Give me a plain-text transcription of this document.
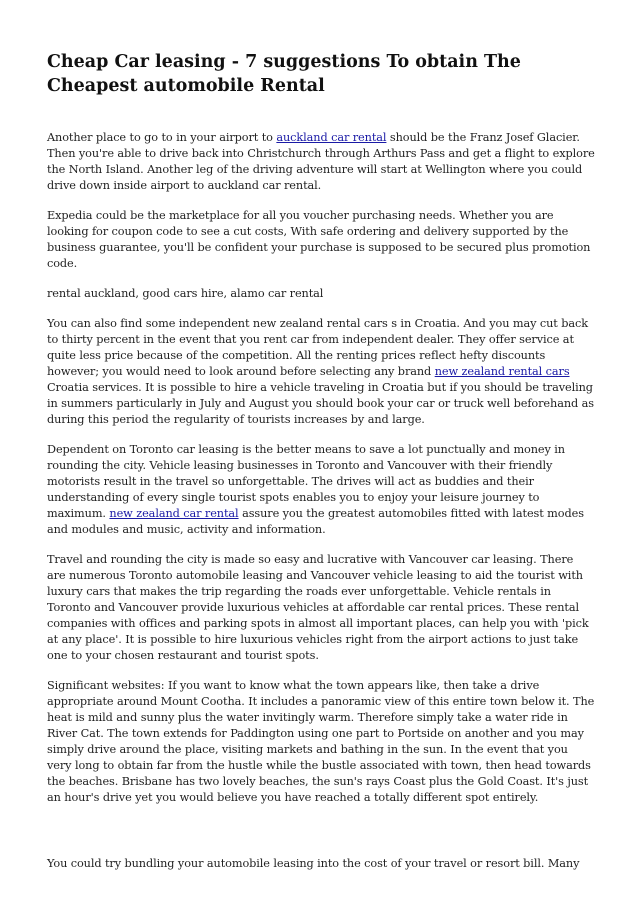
Cheap Car leasing - 7 suggestions To obtain The Cheapest automobile Rental

Another place to go to in your airport to auckland car rental should be the Franz Josef Glacier. Then you're able to drive back into Christchurch through Arthurs Pass and get a flight to explore the North Island. Another leg of the driving adventure will start at Wellington where you could drive down inside airport to auckland car rental.

Expedia could be the marketplace for all you voucher purchasing needs. Whether you are looking for coupon code to see a cut costs, With safe ordering and delivery supported by the business guarantee, you'll be confident your purchase is supposed to be secured plus promotion code.

rental auckland, good cars hire, alamo car rental

You can also find some independent new zealand rental cars s in Croatia. And you may cut back to thirty percent in the event that you rent car from independent dealer. They offer service at quite less price because of the competition. All the renting prices reflect hefty discounts however; you would need to look around before selecting any brand new zealand rental cars Croatia services. It is possible to hire a vehicle traveling in Croatia but if you should be traveling in summers particularly in July and August you should book your car or truck well beforehand as during this period the regularity of tourists increases by and large.

Dependent on Toronto car leasing is the better means to save a lot punctually and money in rounding the city. Vehicle leasing businesses in Toronto and Vancouver with their friendly motorists result in the travel so unforgettable. The drives will act as buddies and their understanding of every single tourist spots enables you to enjoy your leisure journey to maximum. new zealand car rental assure you the greatest automobiles fitted with latest modes and modules and music, activity and information.

Travel and rounding the city is made so easy and lucrative with Vancouver car leasing. There are numerous Toronto automobile leasing and Vancouver vehicle leasing to aid the tourist with luxury cars that makes the trip regarding the roads ever unforgettable. Vehicle rentals in Toronto and Vancouver provide luxurious vehicles at affordable car rental prices. These rental companies with offices and parking spots in almost all important places, can help you with 'pick at any place'. It is possible to hire luxurious vehicles right from the airport actions to just take one to your chosen restaurant and tourist spots.

Significant websites: If you want to know what the town appears like, then take a drive appropriate around Mount Cootha. It includes a panoramic view of this entire town below it. The heat is mild and sunny plus the water invitingly warm. Therefore simply take a water ride in River Cat. The town extends for Paddington using one part to Portside on another and you may simply drive around the place, visiting markets and bathing in the sun. In the event that you very long to obtain far from the hustle while the bustle associated with town, then head towards the beaches. Brisbane has two lovely beaches, the sun's rays Coast plus the Gold Coast. It's just an hour's drive yet you would believe you have reached a totally different spot entirely.

You could try bundling your automobile leasing into the cost of your travel or resort bill. Many
